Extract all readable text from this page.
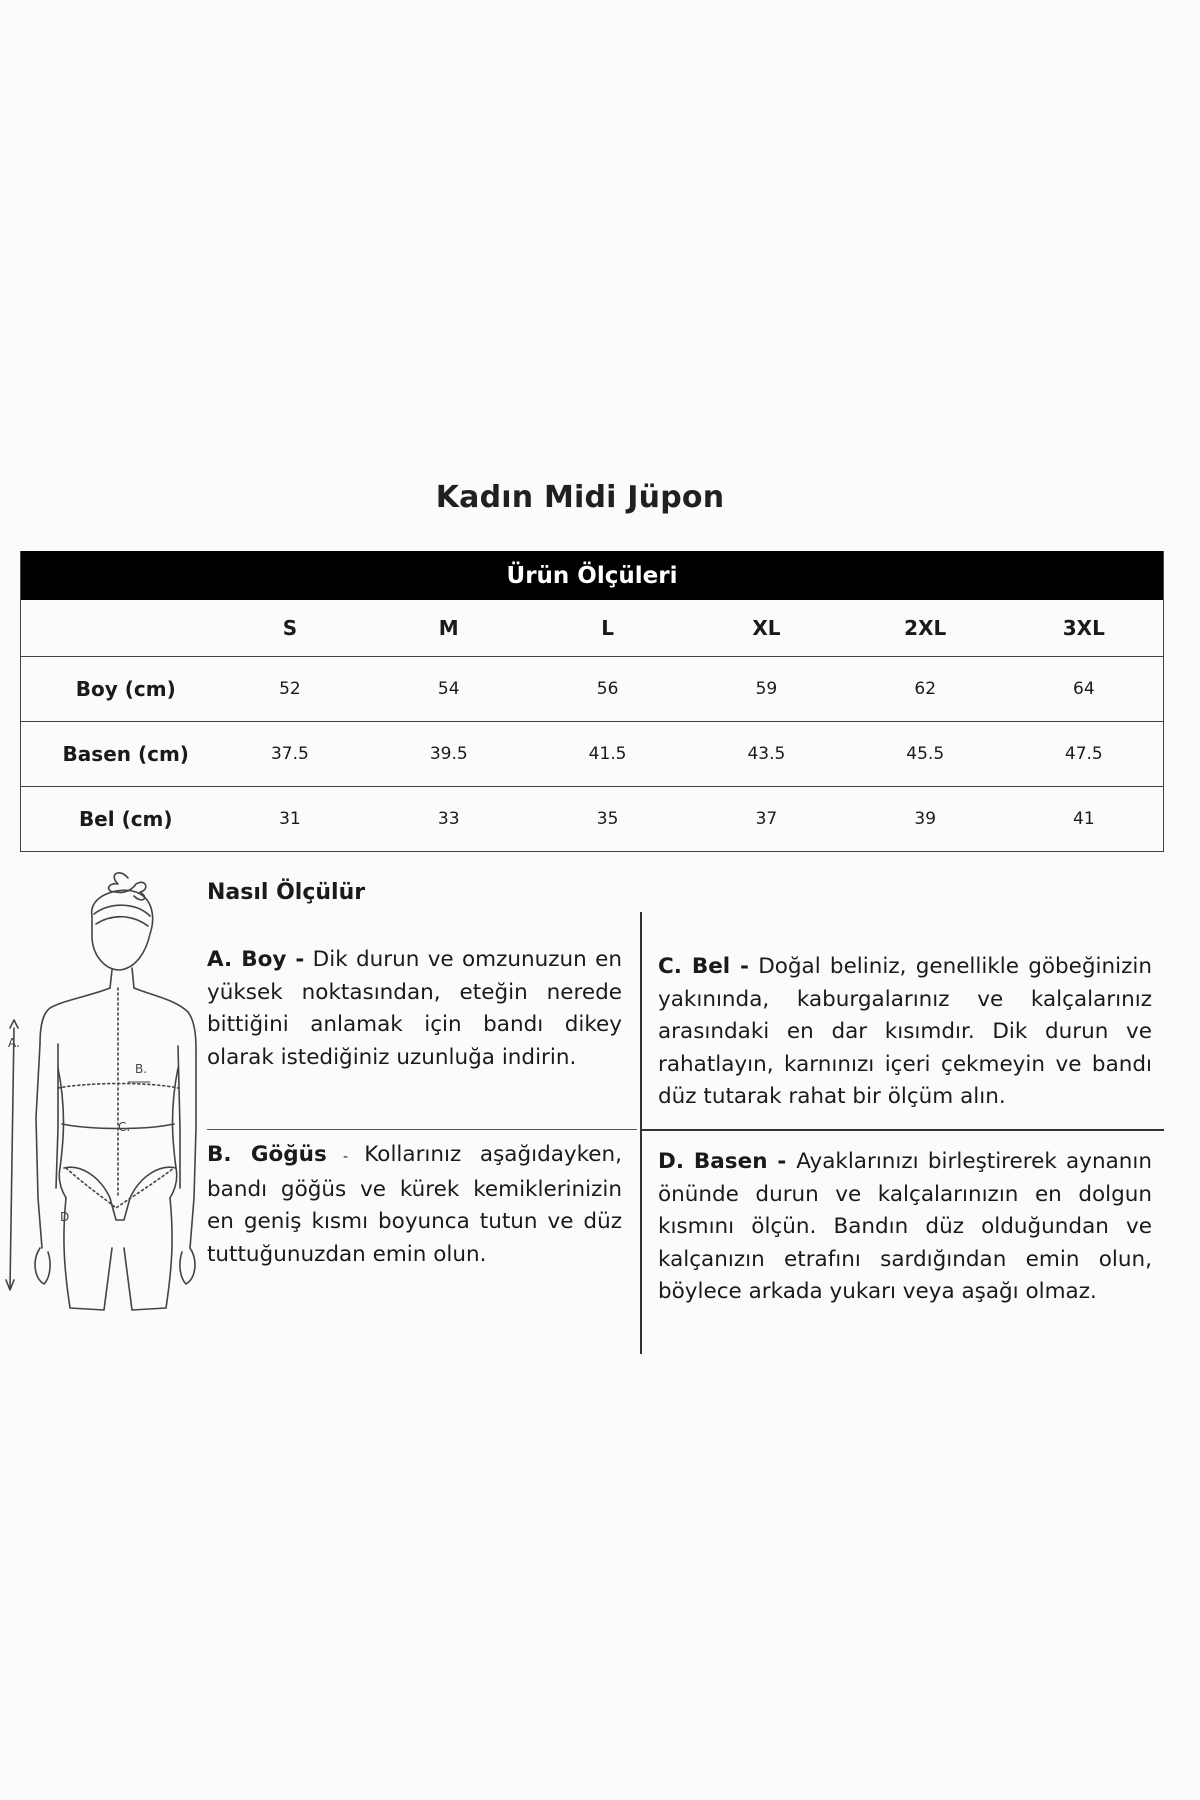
Kadın Midi Jüpon
Ürün Ölçüleri						
	S	M	L	XL	2XL	3XL
Boy (cm)	52	54	56	59	62	64
Basen (cm)	37.5	39.5	41.5	43.5	45.5	47.5
Bel (cm)	31	33	35	37	39	41
A.
B.
C.
D
Nasıl Ölçülür
A. Boy - Dik durun ve omzunuzun en yüksek noktasından, eteğin nerede bittiğini anlamak için bandı dikey olarak istediğiniz uzunluğa indirin.
B. Göğüs - Kollarınız aşağıdayken, bandı göğüs ve kürek kemiklerinizin en geniş kısmı boyunca tutun ve düz tuttuğunuzdan emin olun.
C. Bel - Doğal beliniz, genellikle göbeğinizin yakınında, kaburgalarınız ve kalçalarınız arasındaki en dar kısımdır. Dik durun ve rahatlayın, karnınızı içeri çekmeyin ve bandı düz tutarak rahat bir ölçüm alın.
D. Basen - Ayaklarınızı birleştirerek aynanın önünde durun ve kalçalarınızın en dolgun kısmını ölçün. Bandın düz olduğundan ve kalçanızın etrafını sardığından emin olun, böylece arkada yukarı veya aşağı olmaz.
